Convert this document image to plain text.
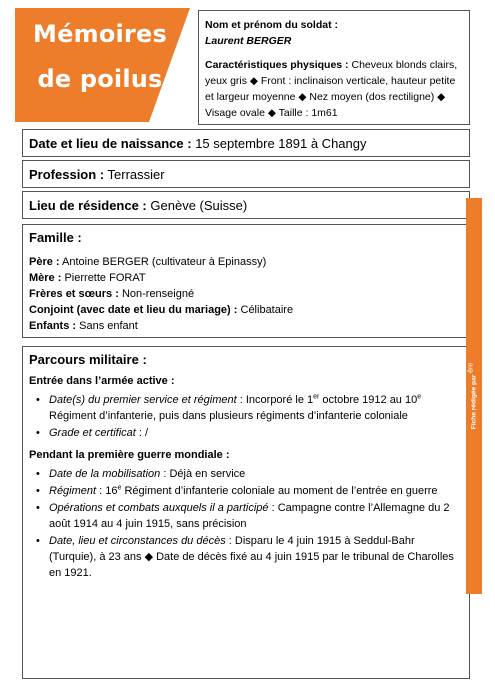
Mémoires
de poilus
Nom et prénom du soldat :
Laurent BERGER
Caractéristiques physiques : Cheveux blonds clairs, yeux gris ◆ Front : inclinaison verticale, hauteur petite et largeur moyenne ◆ Nez moyen (dos rectiligne) ◆ Visage ovale ◆ Taille : 1m61
Date et lieu de naissance : 15 septembre 1891 à Changy
Profession : Terrassier
Lieu de résidence : Genève (Suisse)
Famille :
Père : Antoine BERGER (cultivateur à Epinassy)
Mère : Pierrette FORAT
Frères et sœurs : Non-renseigné
Conjoint (avec date et lieu du mariage) : Célibataire
Enfants : Sans enfant
Parcours militaire :
Entrée dans l’armée active :
• Date(s) du premier service et régiment : Incorporé le 1er octobre 1912 au 10e Régiment d’infanterie, puis dans plusieurs régiments d’infanterie coloniale
• Grade et certificat : /
Pendant la première guerre mondiale :
• Date de la mobilisation : Déjà en service
• Régiment : 16e Régiment d’infanterie coloniale au moment de l’entrée en guerre
• Opérations et combats auxquels il a participé : Campagne contre l’Allemagne du 2 août 1914 au 4 juin 1915, sans précision
• Date, lieu et circonstances du décès : Disparu le 4 juin 1915 à Seddul-Bahr (Turquie), à 23 ans ◆ Date de décès fixé au 4 juin 1915 par le tribunal de Charolles en 1921.
Fiche rédigée par
$^{ère}$
